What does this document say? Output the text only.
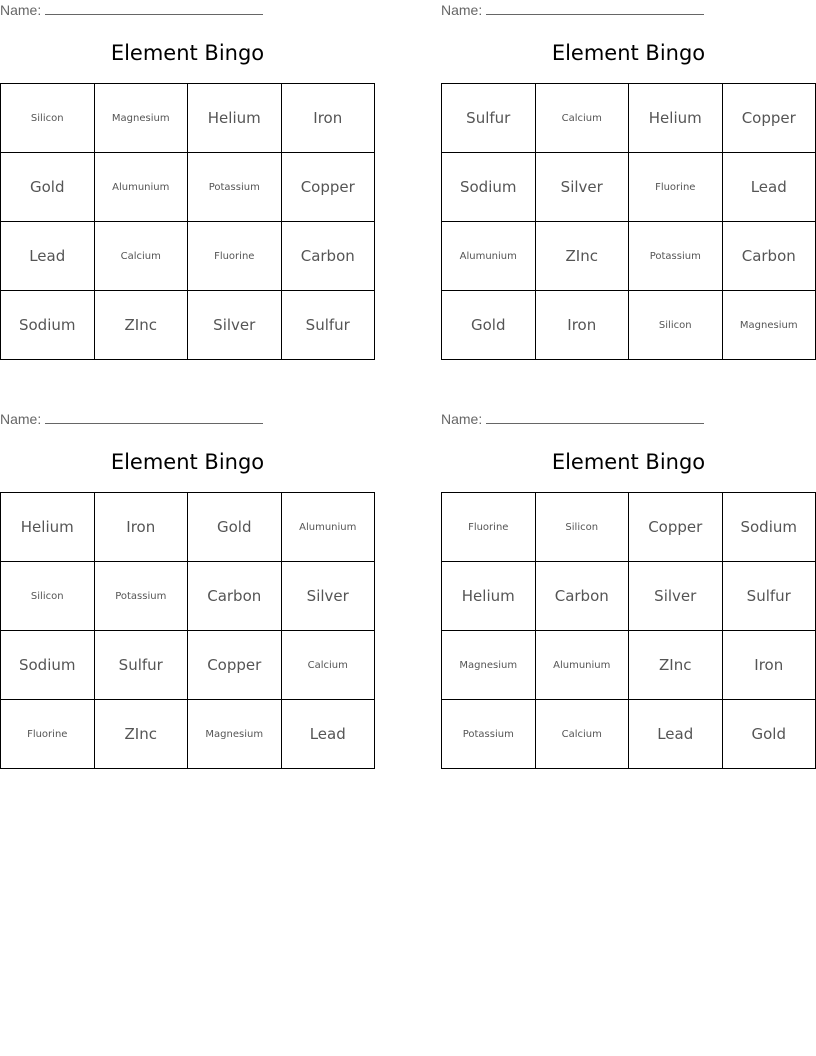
Name:
Element Bingo
Silicon	Magnesium	Helium	Iron
Gold	Alumunium	Potassium	Copper
Lead	Calcium	Fluorine	Carbon
Sodium	ZInc	Silver	Sulfur
Name:
Element Bingo
Sulfur	Calcium	Helium	Copper
Sodium	Silver	Fluorine	Lead
Alumunium	ZInc	Potassium	Carbon
Gold	Iron	Silicon	Magnesium
Name:
Element Bingo
Helium	Iron	Gold	Alumunium
Silicon	Potassium	Carbon	Silver
Sodium	Sulfur	Copper	Calcium
Fluorine	ZInc	Magnesium	Lead
Name:
Element Bingo
Fluorine	Silicon	Copper	Sodium
Helium	Carbon	Silver	Sulfur
Magnesium	Alumunium	ZInc	Iron
Potassium	Calcium	Lead	Gold
